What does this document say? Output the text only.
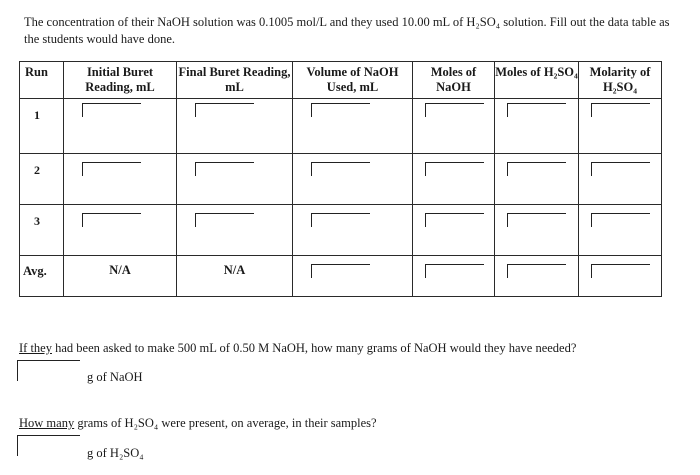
The concentration of their NaOH solution was 0.1005 mol/L and they used 10.00 mL of H₂SO₄ solution. Fill out the data table as the students would have done.
Run	Initial Buret Reading, mL	Final Buret Reading, mL	Volume of NaOH Used, mL	Moles of NaOH	Moles of H₂SO₄	Molarity of H₂SO₄

1						

2						

3						

Avg.	N/A	N/A				

If they had been asked to make 500 mL of 0.50 M NaOH, how many grams of NaOH would they have needed?
g of NaOH
How many grams of H₂SO₄ were present, on average, in their samples?
g of H₂SO₄
